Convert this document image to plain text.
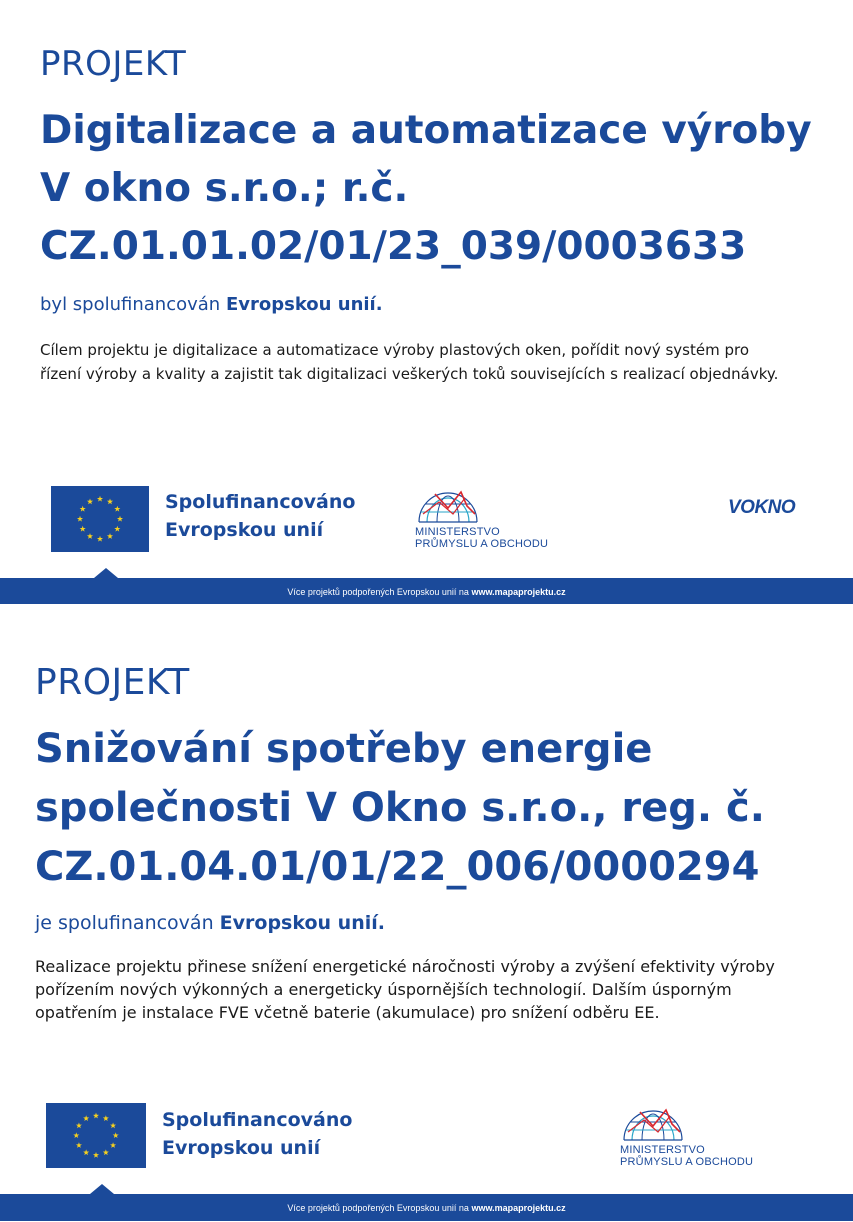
PROJEKT
Digitalizace a automatizace výroby
V okno s.r.o.; r.č.
CZ.01.01.02/01/23_039/0003633
byl spolufinancován Evropskou unií.

Cílem projektu je digitalizace a automatizace výroby plastových oken, pořídit nový systém pro řízení výroby a kvality a zajistit tak digitalizaci veškerých toků souvisejících s realizací objednávky.

Spolufinancováno
Evropskou unií	MINISTERSTVO
PRŮMYSLU A OBCHODU
VOKNO
Více projektů podpořených Evropskou unií na www.mapaprojektu.cz
PROJEKT
Snižování spotřeby energie
společnosti V Okno s.r.o., reg. č.
CZ.01.04.01/01/22_006/0000294
je spolufinancován Evropskou unií.

Realizace projektu přinese snížení energetické náročnosti výroby a zvýšení efektivity výroby pořízením nových výkonných a energeticky úspornějších technologií. Dalším úsporným opatřením je instalace FVE včetně baterie (akumulace) pro snížení odběru EE.

Spolufinancováno
Evropskou unií	MINISTERSTVO
PRŮMYSLU A OBCHODU
Více projektů podpořených Evropskou unií na www.mapaprojektu.cz
